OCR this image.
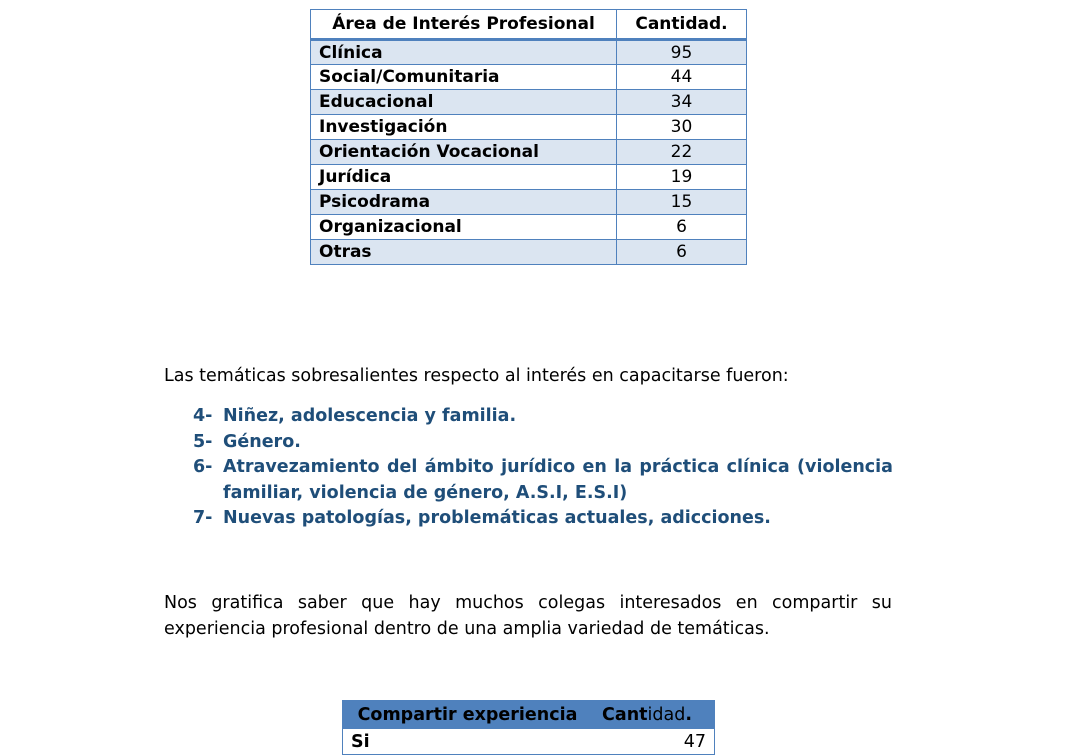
Área de Interés Profesional	Cantidad.
Clínica	95
Social/Comunitaria	44
Educacional	34
Investigación	30
Orientación Vocacional	22
Jurídica	19
Psicodrama	15
Organizacional	6
Otras	6

Las temáticas sobresalientes respecto al interés en capacitarse fueron:

4- Niñez, adolescencia y familia.
5- Género.
6- Atravezamiento del ámbito jurídico en la práctica clínica (violencia familiar, violencia de género, A.S.I, E.S.I)
7- Nuevas patologías, problemáticas actuales, adicciones.

Nos gratifica saber que hay muchos colegas interesados en compartir su experiencia profesional dentro de una amplia variedad de temáticas.

Compartir experiencia	Cantidad.
Si	47
